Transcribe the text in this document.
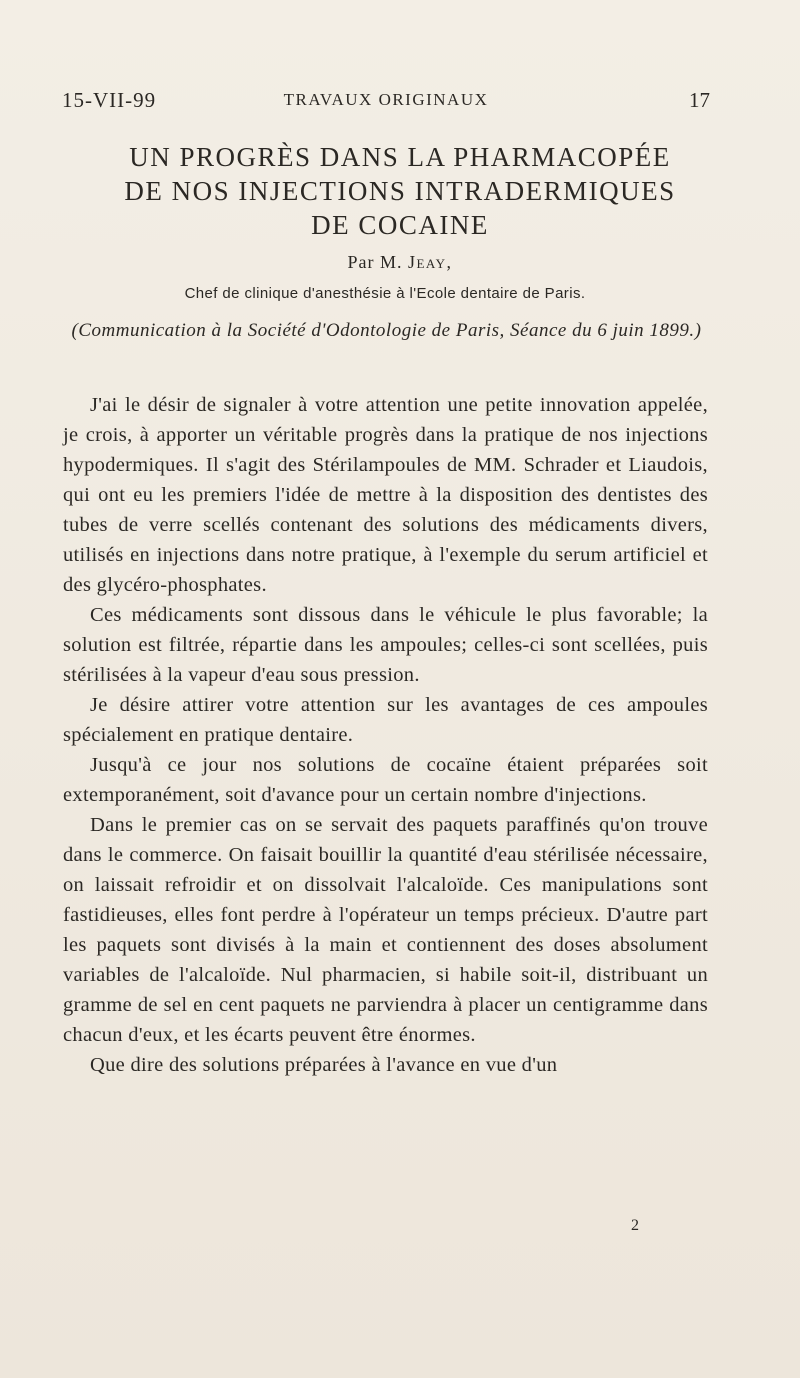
15-VII-99	TRAVAUX ORIGINAUX	17
UN PROGRÈS DANS LA PHARMACOPÉE
DE NOS INJECTIONS INTRADERMIQUES
DE COCAINE
Par M. Jeay,
Chef de clinique d'anesthésie à l'Ecole dentaire de Paris.
(Communication à la Société d'Odontologie de Paris, Séance du 6 juin 1899.)

J'ai le désir de signaler à votre attention une petite innovation appelée, je crois, à apporter un véritable progrès dans la pratique de nos injections hypodermiques. Il s'agit des Stérilampoules de MM. Schrader et Liaudois, qui ont eu les premiers l'idée de mettre à la disposition des dentistes des tubes de verre scellés contenant des solutions des médicaments divers, utilisés en injections dans notre pratique, à l'exemple du serum artificiel et des glycéro-phosphates.

Ces médicaments sont dissous dans le véhicule le plus favorable; la solution est filtrée, répartie dans les ampoules; celles-ci sont scellées, puis stérilisées à la vapeur d'eau sous pression.

Je désire attirer votre attention sur les avantages de ces ampoules spécialement en pratique dentaire.

Jusqu'à ce jour nos solutions de cocaïne étaient préparées soit extemporanément, soit d'avance pour un certain nombre d'injections.

Dans le premier cas on se servait des paquets paraffinés qu'on trouve dans le commerce. On faisait bouillir la quantité d'eau stérilisée nécessaire, on laissait refroidir et on dissolvait l'alcaloïde. Ces manipulations sont fastidieuses, elles font perdre à l'opérateur un temps précieux. D'autre part les paquets sont divisés à la main et contiennent des doses absolument variables de l'alcaloïde. Nul pharmacien, si habile soit-il, distribuant un gramme de sel en cent paquets ne parviendra à placer un centigramme dans chacun d'eux, et les écarts peuvent être énormes.

Que dire des solutions préparées à l'avance en vue d'un

2
